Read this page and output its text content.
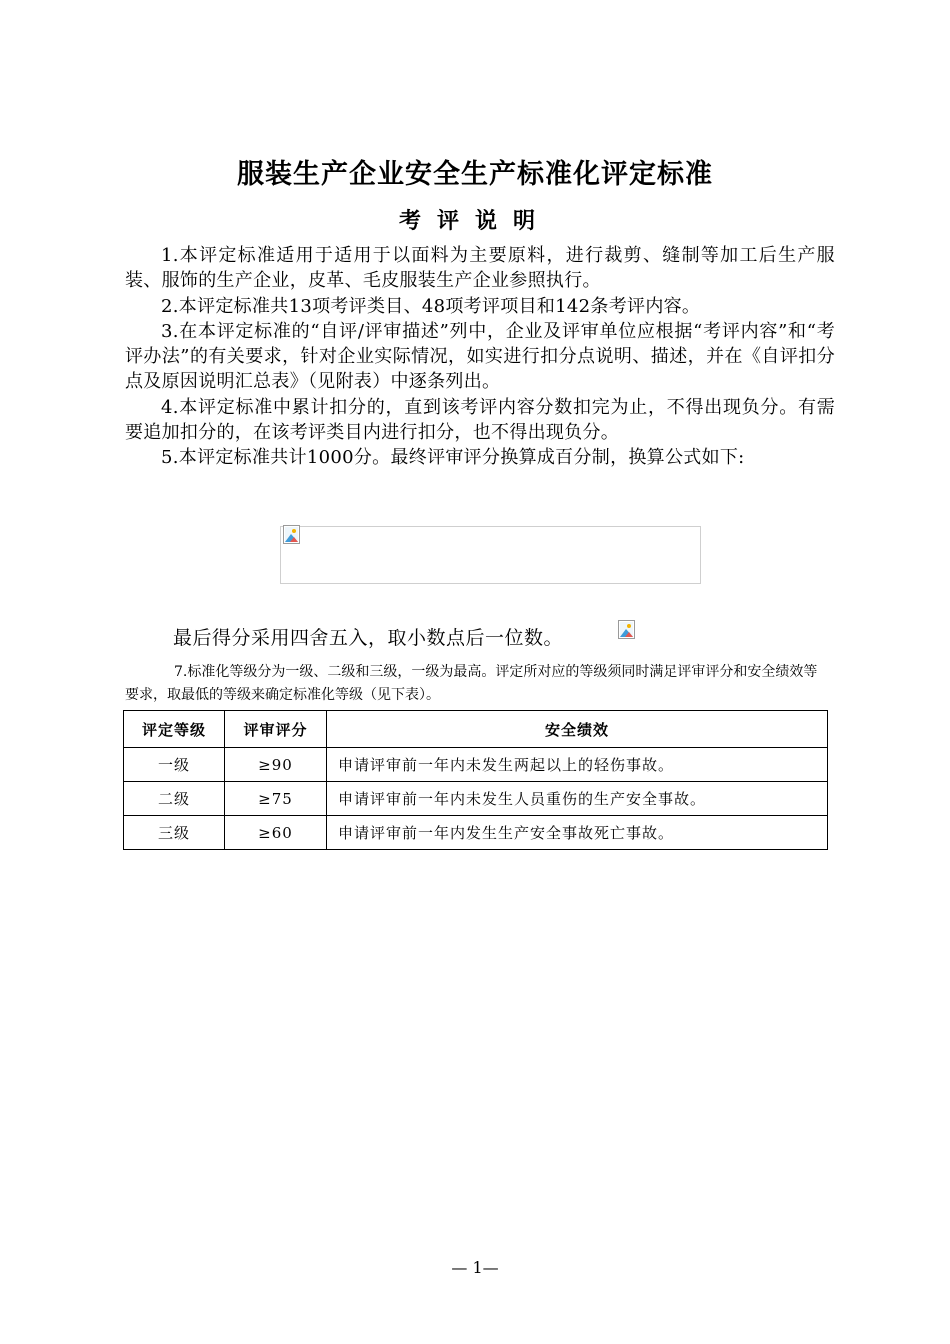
服装生产企业安全生产标准化评定标准
考评说明

1.本评定标准适用于适用于以面料为主要原料，进行裁剪、缝制等加工后生产服装、服饰的生产企业，皮革、毛皮服装生产企业参照执行。

2.本评定标准共13项考评类目、48项考评项目和142条考评内容。

3.在本评定标准的“自评/评审描述”列中，企业及评审单位应根据“考评内容”和“考评办法”的有关要求，针对企业实际情况，如实进行扣分点说明、描述，并在《自评扣分点及原因说明汇总表》（见附表）中逐条列出。

4.本评定标准中累计扣分的，直到该考评内容分数扣完为止，不得出现负分。有需要追加扣分的，在该考评类目内进行扣分，也不得出现负分。

5.本评定标准共计1000分。最终评审评分换算成百分制，换算公式如下:

最后得分采用四舍五入，取小数点后一位数。

7.标准化等级分为一级、二级和三级，一级为最高。评定所对应的等级须同时满足评审评分和安全绩效等要求，取最低的等级来确定标准化等级（见下表）。

评定等级	评审评分	安全绩效
一级	≥90	申请评审前一年内未发生两起以上的轻伤事故。
二级	≥75	申请评审前一年内未发生人员重伤的生产安全事故。
三级	≥60	申请评审前一年内发生生产安全事故死亡事故。

— 1—
